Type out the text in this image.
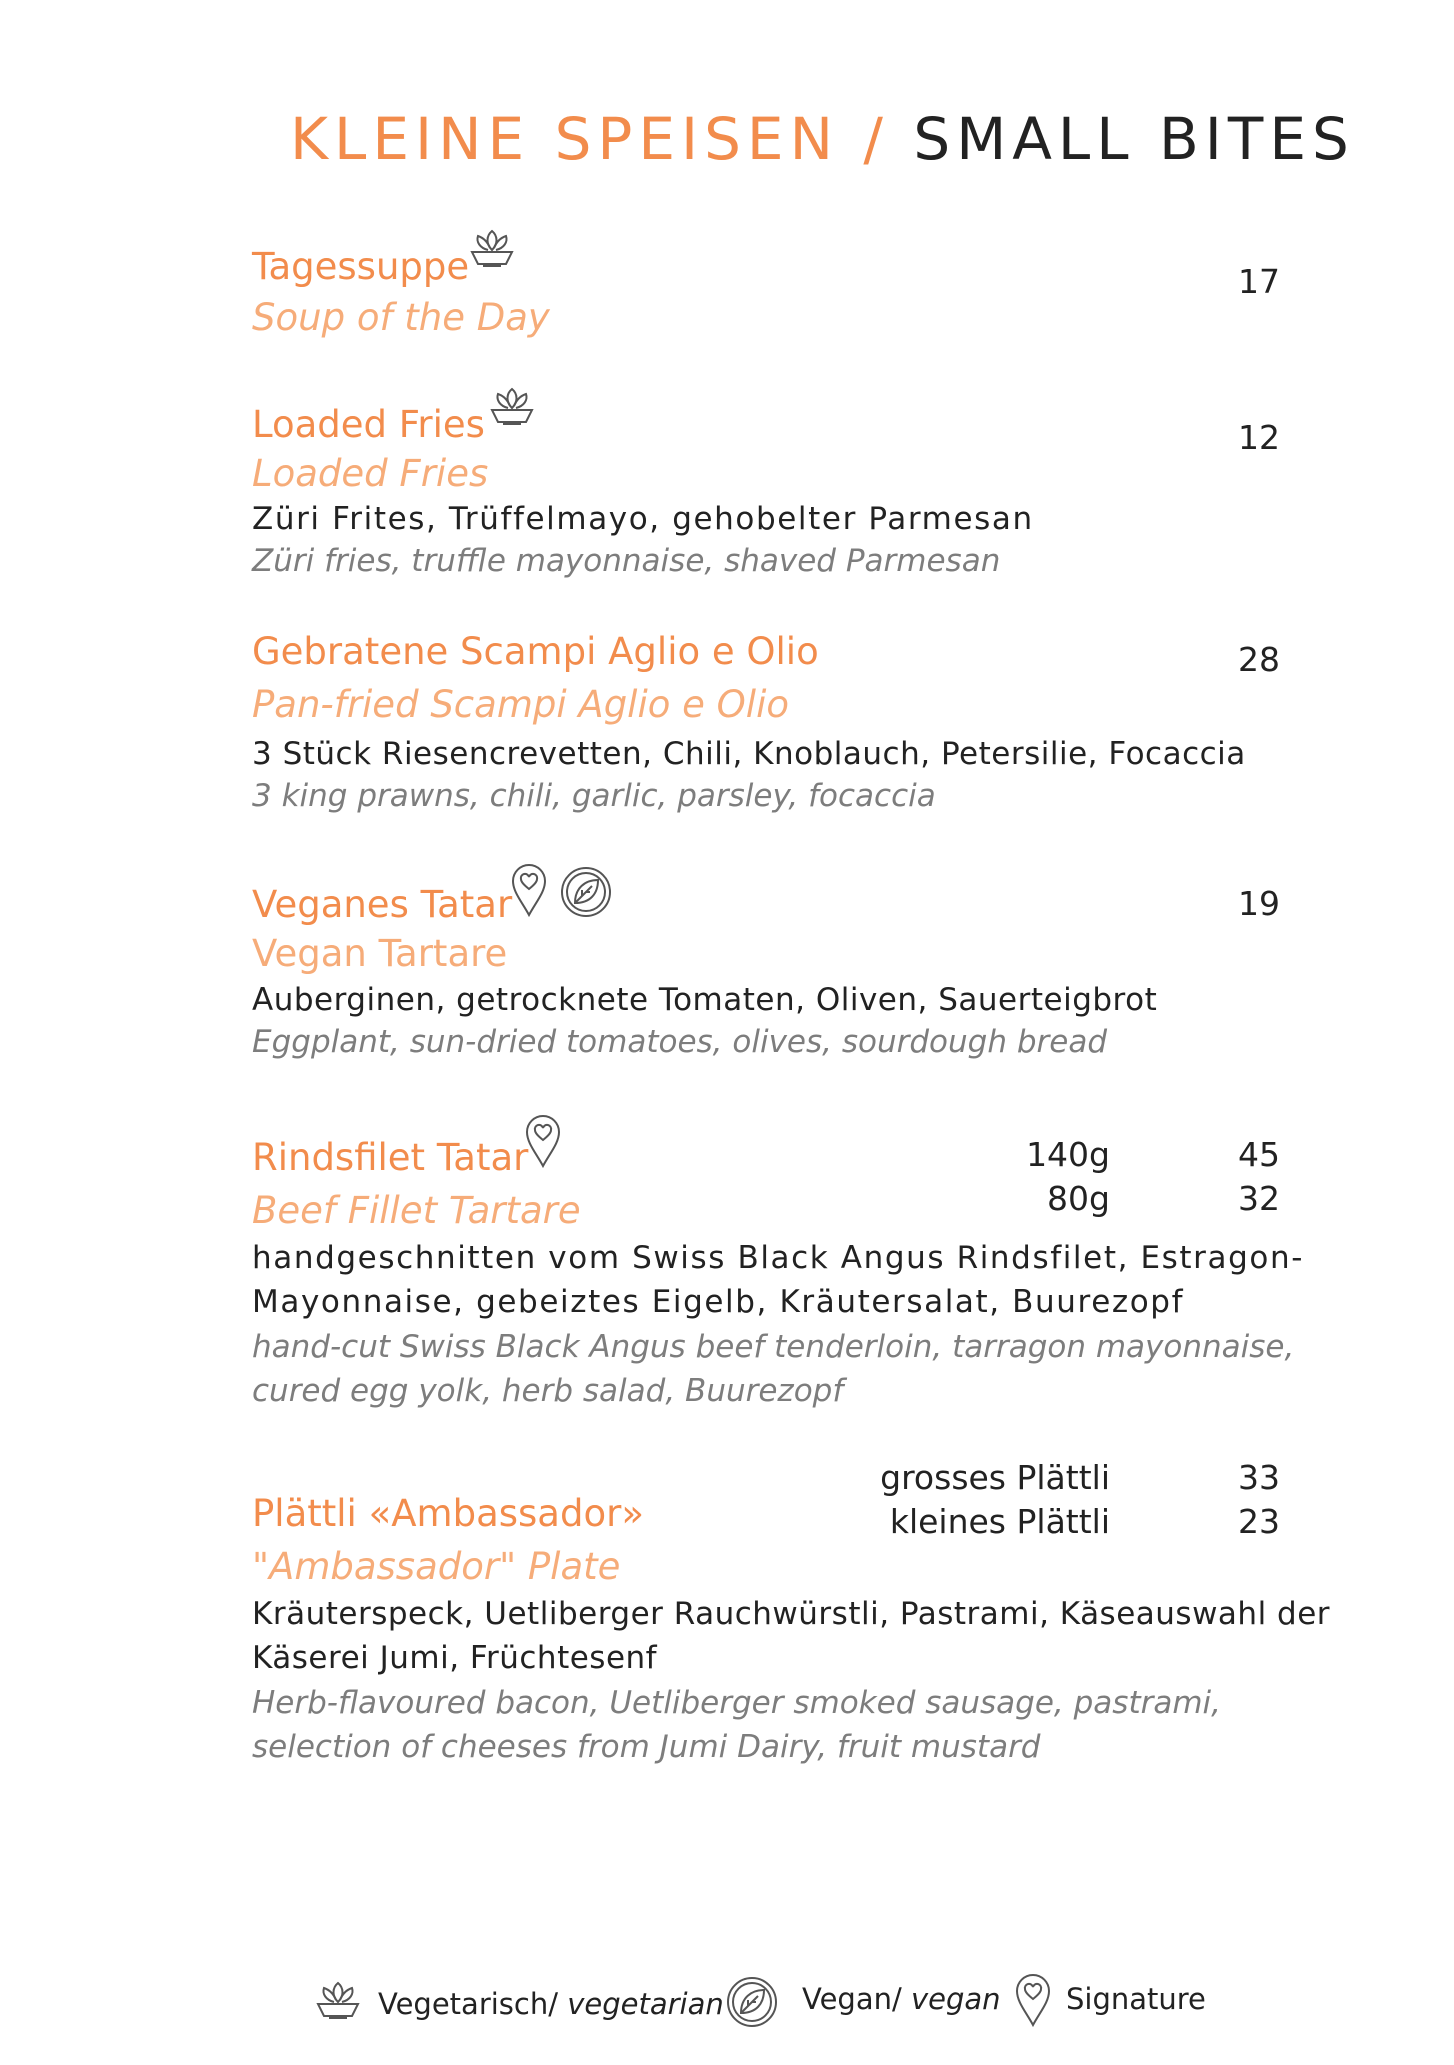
KLEINE SPEISEN / SMALL BITES
Tagessuppe	17
Soup of the Day
Loaded Fries	12
Loaded Fries
Züri Frites, Trüffelmayo, gehobelter Parmesan
Züri fries, truffle mayonnaise, shaved Parmesan
Gebratene Scampi Aglio e Olio	28
Pan-fried Scampi Aglio e Olio
3 Stück Riesencrevetten, Chili, Knoblauch, Petersilie, Focaccia
3 king prawns, chili, garlic, parsley, focaccia
Veganes Tatar	19
Vegan Tartare
Auberginen, getrocknete Tomaten, Oliven, Sauerteigbrot
Eggplant, sun-dried tomatoes, olives, sourdough bread
Rindsfilet Tatar	140g	45
80g	32
Beef Fillet Tartare
handgeschnitten vom Swiss Black Angus Rindsfilet, Estragon-
Mayonnaise, gebeiztes Eigelb, Kräutersalat, Buurezopf
hand-cut Swiss Black Angus beef tenderloin, tarragon mayonnaise,
cured egg yolk, herb salad, Buurezopf
grosses Plättli	33
kleines Plättli	23
Plättli «Ambassador»
"Ambassador" Plate
Kräuterspeck, Uetliberger Rauchwürstli, Pastrami, Käseauswahl der
Käserei Jumi, Früchtesenf
Herb-flavoured bacon, Uetliberger smoked sausage, pastrami,
selection of cheeses from Jumi Dairy, fruit mustard
Vegetarisch/ vegetarian	Vegan/ vegan Signature
